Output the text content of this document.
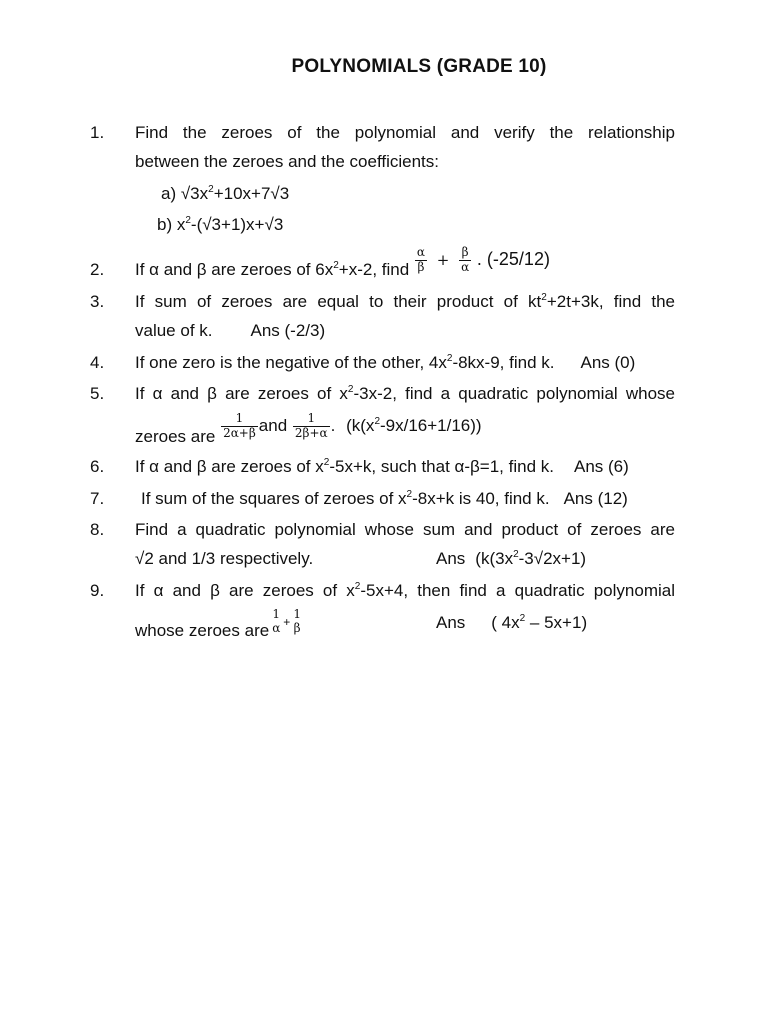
POLYNOMIALS (GRADE 10)
1. Find the zeroes of the polynomial and verify the relationship
between the zeroes and the coefficients:
a) $√3x^2+10x+7√3$
b) $x^2-(√3+1)x+√3$
2. If α and β are zeroes of $6x^2+x-2$, find $\frac{\alpha}{\beta} + \frac{\beta}{\alpha}$ . (-25/12)
3. If sum of zeroes are equal to their product of $kt^2+2t+3k$, find the
value of k. Ans (-2/3)
4. If one zero is the negative of the other, $4x^2-8kx-9$, find k. Ans (0)
5. If α and β are zeroes of $x^2-3x-2$, find a quadratic polynomial whose
zeroes are $\frac{1}{2\alpha+\beta}$ and $\frac{1}{2\beta+\alpha}$ . $(k(x^2-9x/16+1/16))$
6. If α and β are zeroes of $x^2-5x+k$, such that α-β=1, find k. Ans (6)
7. If sum of the squares of zeroes of $x^2-8x+k$ is 40, find k. Ans (12)
8. Find a quadratic polynomial whose sum and product of zeroes are
√2 and 1/3 respectively.	Ans ($k(3x^2-3√2x+1)$
9. If α and β are zeroes of $x^2-5x+4$, then find a quadratic polynomial
whose zeroes are
1
α +
1
β	Ans ( $4x^2 - 5x+1$)
